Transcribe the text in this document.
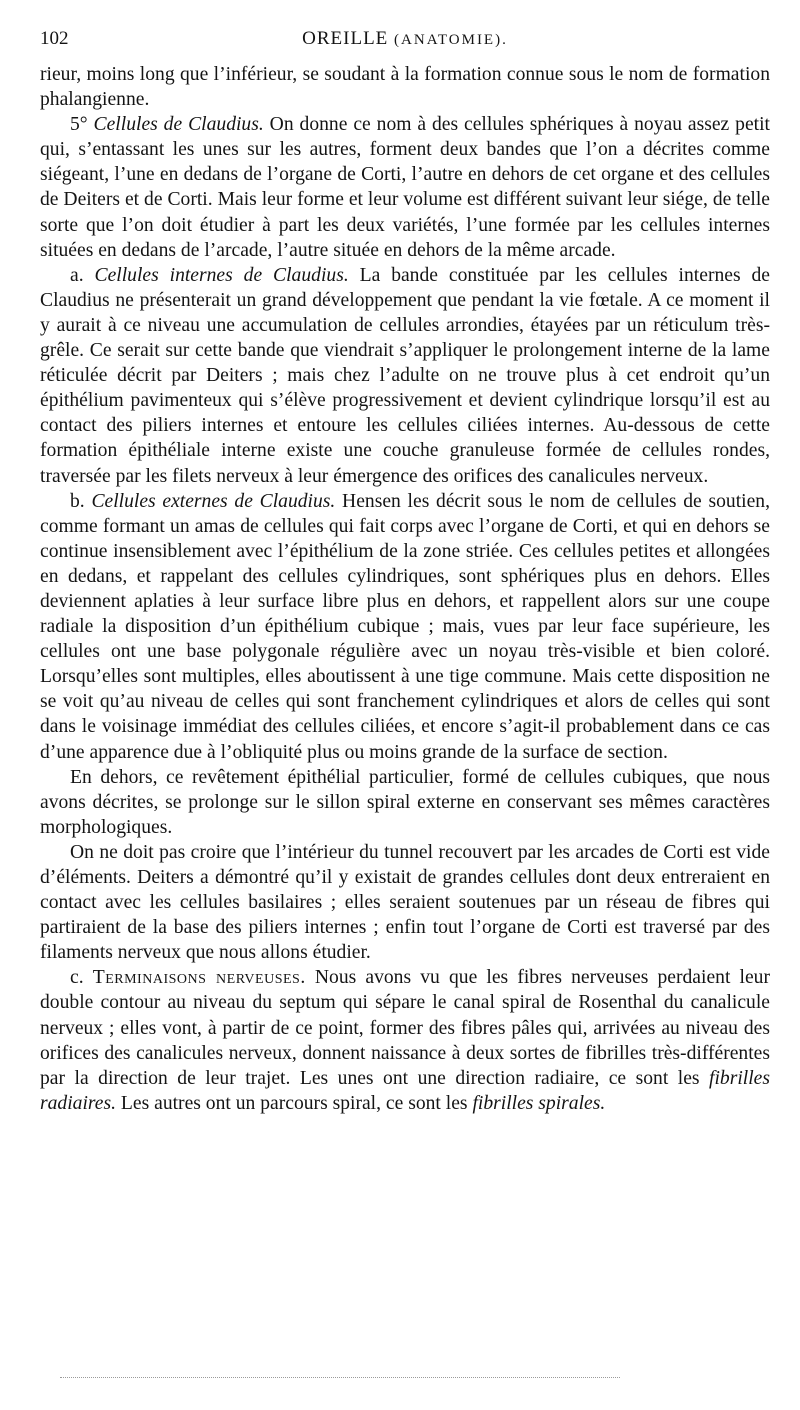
102	OREILLE (ANATOMIE).

rieur, moins long que l’inférieur, se soudant à la formation connue sous le nom de formation phalangienne.

5° Cellules de Claudius. On donne ce nom à des cellules sphériques à noyau assez petit qui, s’entassant les unes sur les autres, forment deux bandes que l’on a décrites comme siégeant, l’une en dedans de l’organe de Corti, l’autre en dehors de cet organe et des cellules de Deiters et de Corti. Mais leur forme et leur volume est différent suivant leur siége, de telle sorte que l’on doit étudier à part les deux variétés, l’une formée par les cellules internes situées en dedans de l’arcade, l’autre située en dehors de la même arcade.

a. Cellules internes de Claudius. La bande constituée par les cellules internes de Claudius ne présenterait un grand développement que pendant la vie fœtale. A ce moment il y aurait à ce niveau une accumulation de cellules arrondies, étayées par un réticulum très-grêle. Ce serait sur cette bande que viendrait s’appliquer le prolongement interne de la lame réticulée décrit par Deiters ; mais chez l’adulte on ne trouve plus à cet endroit qu’un épithélium pavimenteux qui s’élève progressivement et devient cylindrique lorsqu’il est au contact des piliers internes et entoure les cellules ciliées internes. Au-dessous de cette formation épithéliale interne existe une couche granuleuse formée de cellules rondes, traversée par les filets nerveux à leur émergence des orifices des canalicules nerveux.

b. Cellules externes de Claudius. Hensen les décrit sous le nom de cellules de soutien, comme formant un amas de cellules qui fait corps avec l’organe de Corti, et qui en dehors se continue insensiblement avec l’épithélium de la zone striée. Ces cellules petites et allongées en dedans, et rappelant des cellules cylindriques, sont sphériques plus en dehors. Elles deviennent aplaties à leur surface libre plus en dehors, et rappellent alors sur une coupe radiale la disposition d’un épithélium cubique ; mais, vues par leur face supérieure, les cellules ont une base polygonale régulière avec un noyau très-visible et bien coloré. Lorsqu’elles sont multiples, elles aboutissent à une tige commune. Mais cette disposition ne se voit qu’au niveau de celles qui sont franchement cylindriques et alors de celles qui sont dans le voisinage immédiat des cellules ciliées, et encore s’agit-il probablement dans ce cas d’une apparence due à l’obliquité plus ou moins grande de la surface de section.

En dehors, ce revêtement épithélial particulier, formé de cellules cubiques, que nous avons décrites, se prolonge sur le sillon spiral externe en conservant ses mêmes caractères morphologiques.

On ne doit pas croire que l’intérieur du tunnel recouvert par les arcades de Corti est vide d’éléments. Deiters a démontré qu’il y existait de grandes cellules dont deux entreraient en contact avec les cellules basilaires ; elles seraient soutenues par un réseau de fibres qui partiraient de la base des piliers internes ; enfin tout l’organe de Corti est traversé par des filaments nerveux que nous allons étudier.

c. Terminaisons nerveuses. Nous avons vu que les fibres nerveuses perdaient leur double contour au niveau du septum qui sépare le canal spiral de Rosenthal du canalicule nerveux ; elles vont, à partir de ce point, former des fibres pâles qui, arrivées au niveau des orifices des canalicules nerveux, donnent naissance à deux sortes de fibrilles très-différentes par la direction de leur trajet. Les unes ont une direction radiaire, ce sont les fibrilles radiaires. Les autres ont un parcours spiral, ce sont les fibrilles spirales.
